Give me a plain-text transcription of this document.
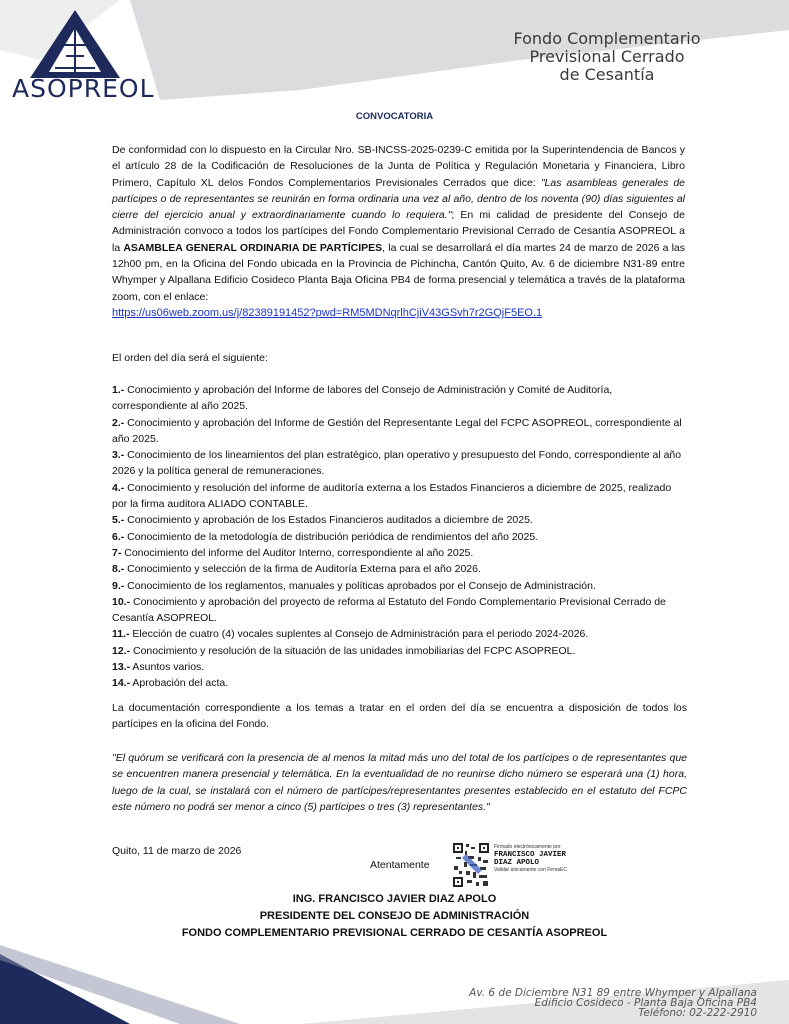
ASOPREOL
Fondo Complementario
Previsional Cerrado
de Cesantía
CONVOCATORIA
De conformidad con lo dispuesto en la Circular Nro. SB-INCSS-2025-0239-C emitida por la Superintendencia de Bancos y el artículo 28 de la Codificación de Resoluciones de la Junta de Política y Regulación Monetaria y Financiera, Libro Primero, Capítulo XL delos Fondos Complementarios Previsionales Cerrados que dice: "Las asambleas generales de partícipes o de representantes se reunirán en forma ordinaria una vez al año, dentro de los noventa (90) días siguientes al cierre del ejercicio anual y extraordinariamente cuando lo requiera."; En mi calidad de presidente del Consejo de Administración convoco a todos los partícipes del Fondo Complementario Previsional Cerrado de Cesantía ASOPREOL a la ASAMBLEA GENERAL ORDINARIA DE PARTÍCIPES, la cual se desarrollará el día martes 24 de marzo de 2026 a las 12h00 pm, en la Oficina del Fondo ubicada en la Provincia de Pichincha, Cantón Quito, Av. 6 de diciembre N31-89 entre Whymper y Alpallana Edificio Cosideco Planta Baja Oficina PB4 de forma presencial y telemática a través de la plataforma zoom, con el enlace:
https://us06web.zoom.us/j/82389191452?pwd=RM5MDNqrlhCjiV43GSvh7r2GQjF5EO.1
El orden del día será el siguiente:

1.- Conocimiento y aprobación del Informe de labores del Consejo de Administración y Comité de Auditoría, correspondiente al año 2025.

2.- Conocimiento y aprobación del Informe de Gestión del Representante Legal del FCPC ASOPREOL, correspondiente al año 2025.

3.- Conocimiento de los lineamientos del plan estratégico, plan operativo y presupuesto del Fondo, correspondiente al año 2026 y la política general de remuneraciones.

4.- Conocimiento y resolución del informe de auditoría externa a los Estados Financieros a diciembre de 2025, realizado por la firma auditora ALIADO CONTABLE.

5.- Conocimiento y aprobación de los Estados Financieros auditados a diciembre de 2025.

6.- Conocimiento de la metodología de distribución periódica de rendimientos del año 2025.

7- Conocimiento del informe del Auditor Interno, correspondiente al año 2025.

8.- Conocimiento y selección de la firma de Auditoría Externa para el año 2026.

9.- Conocimiento de los reglamentos, manuales y políticas aprobados por el Consejo de Administración.

10.- Conocimiento y aprobación del proyecto de reforma al Estatuto del Fondo Complementario Previsional Cerrado de Cesantía ASOPREOL.

11.- Elección de cuatro (4) vocales suplentes al Consejo de Administración para el periodo 2024-2026.

12.- Conocimiento y resolución de la situación de las unidades inmobiliarias del FCPC ASOPREOL.

13.- Asuntos varios.

14.- Aprobación del acta.

La documentación correspondiente a los temas a tratar en el orden del día se encuentra a disposición de todos los partícipes en la oficina del Fondo.
"El quórum se verificará con la presencia de al menos la mitad más uno del total de los partícipes o de representantes que se encuentren manera presencial y telemática. En la eventualidad de no reunirse dicho número se esperará una (1) hora, luego de la cual, se instalará con el número de partícipes/representantes presentes establecido en el estatuto del FCPC este número no podrá ser menor a cinco (5) partícipes o tres (3) representantes."
Quito, 11 de marzo de 2026
Atentamente
Firmado electrónicamente por:
FRANCISCO JAVIER
DIAZ APOLO
Validar únicamente con FirmaEC
ING. FRANCISCO JAVIER DIAZ APOLO
PRESIDENTE DEL CONSEJO DE ADMINISTRACIÓN
FONDO COMPLEMENTARIO PREVISIONAL CERRADO DE CESANTÍA ASOPREOL
Av. 6 de Diciembre N31 89 entre Whymper y Alpallana
Edificio Cosideco - Planta Baja Oficina PB4
Teléfono: 02-222-2910
